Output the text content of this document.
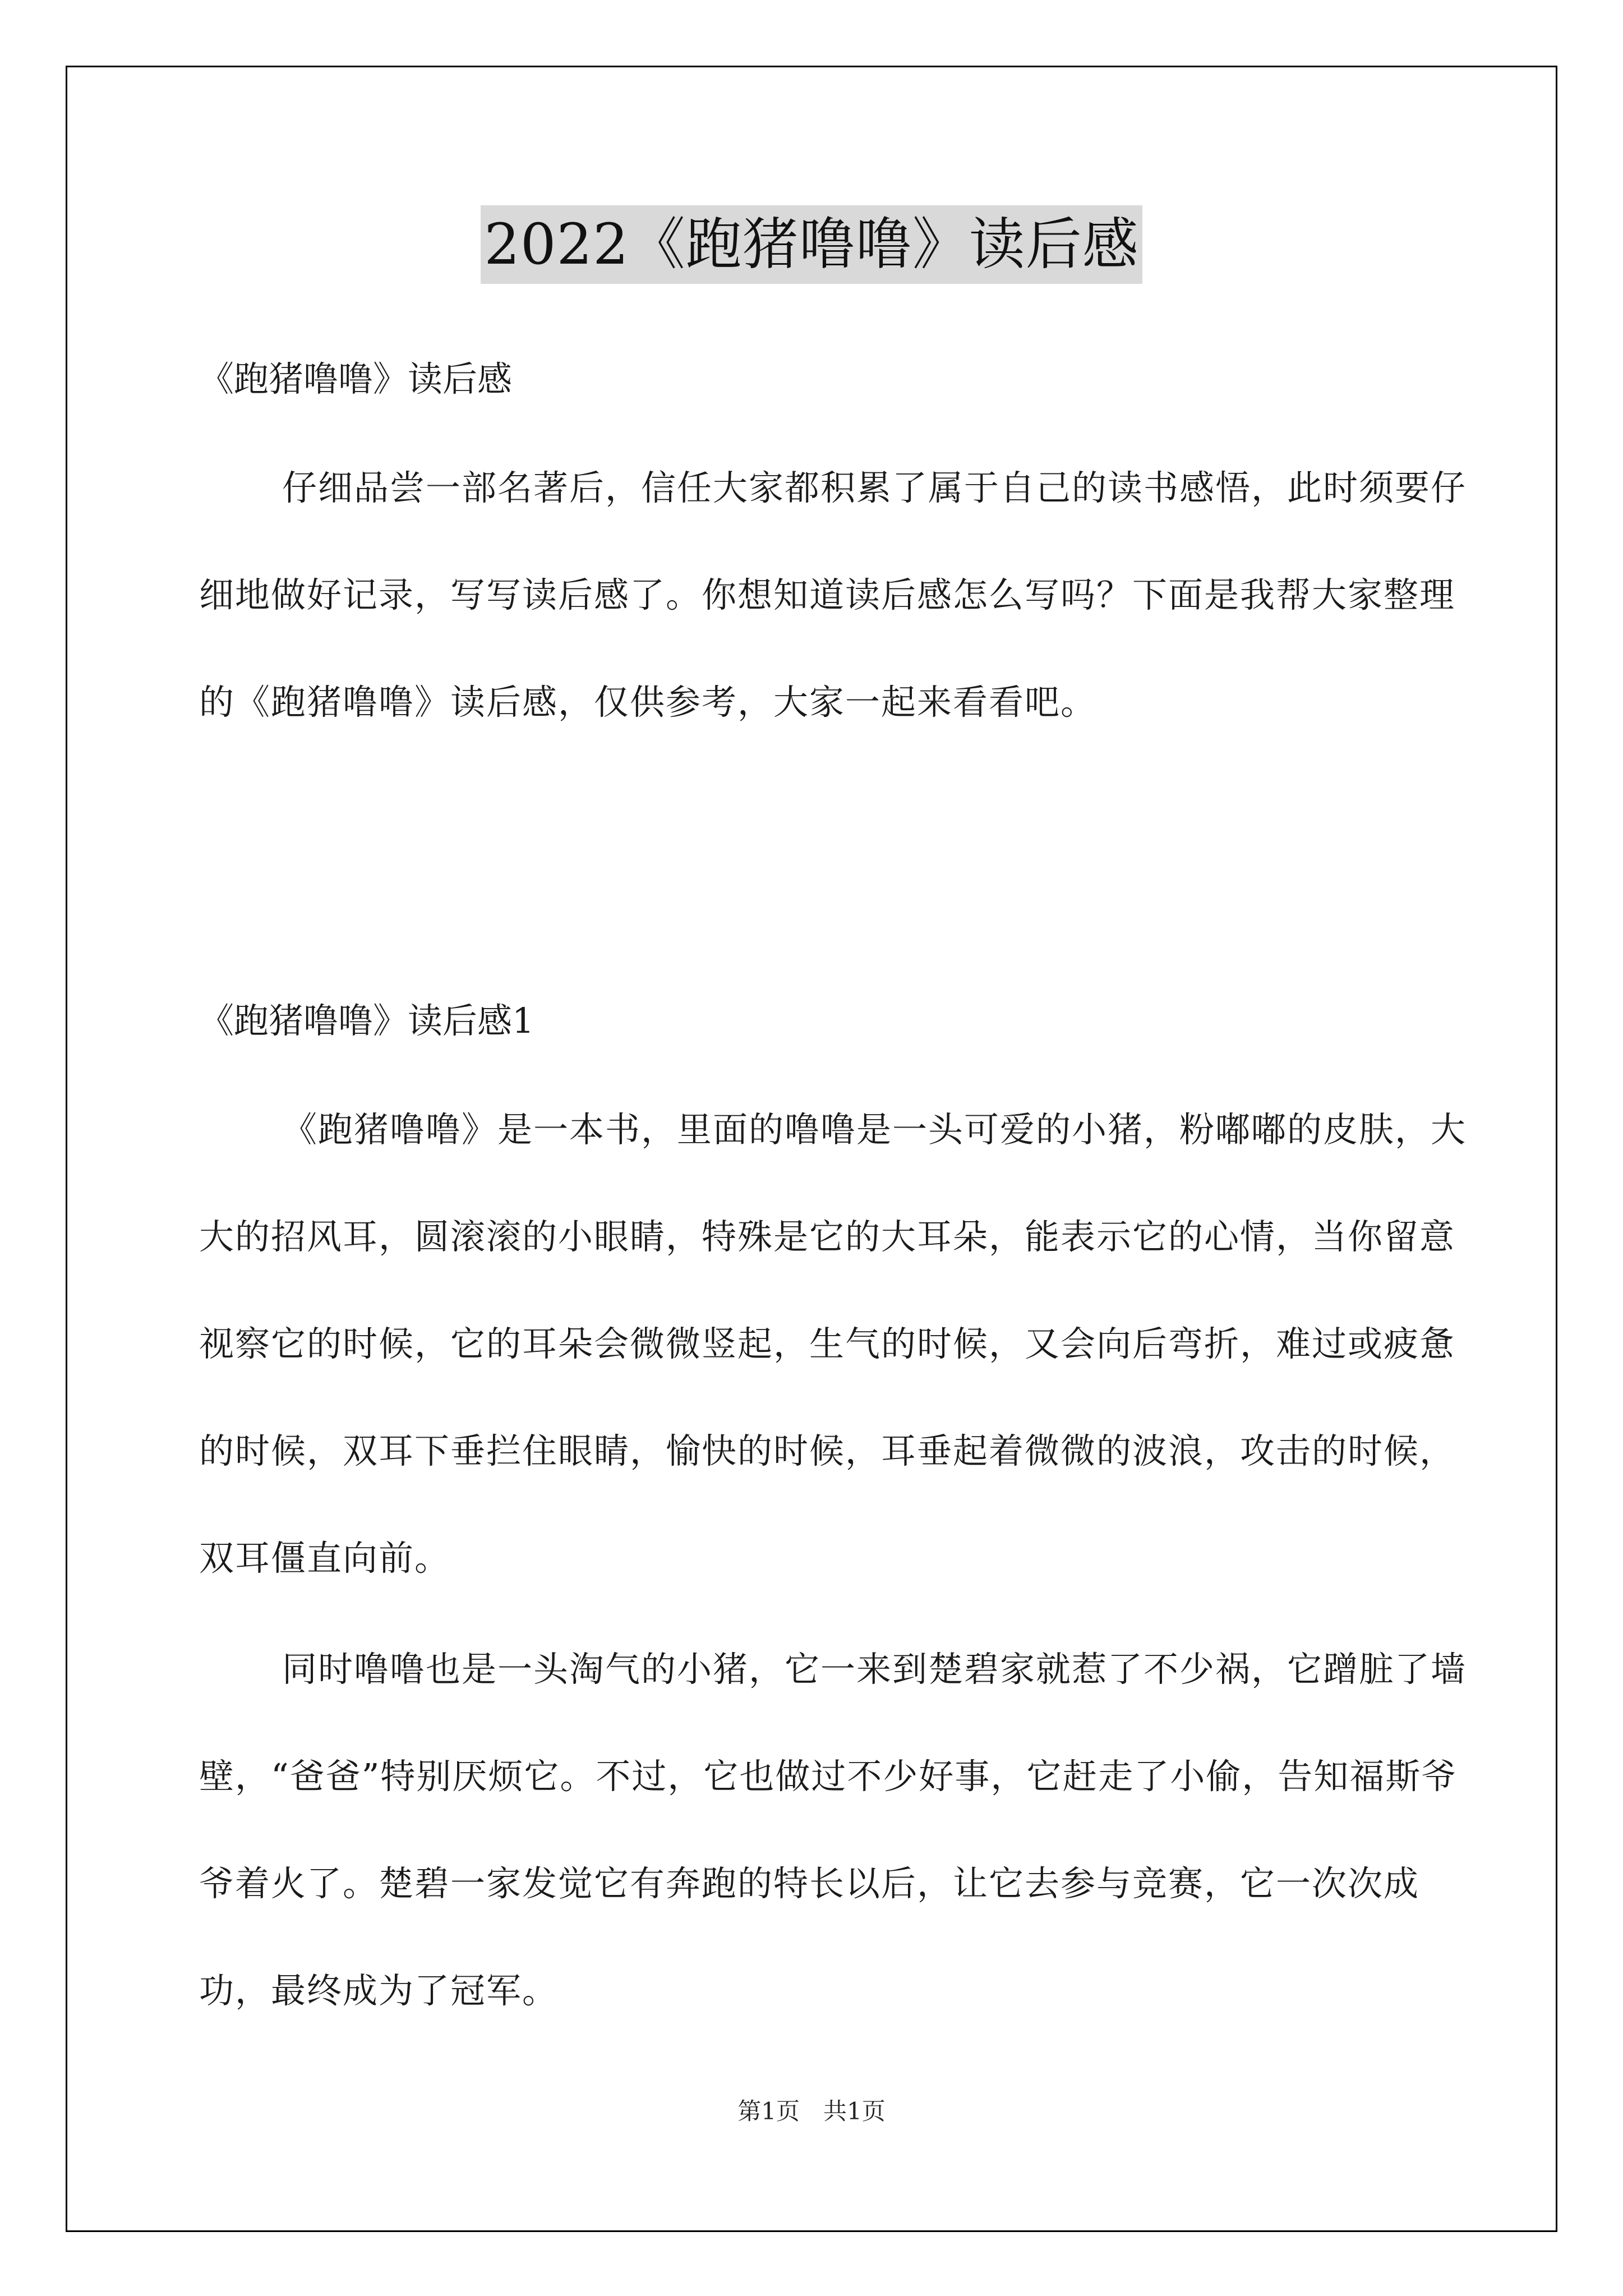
2022《跑猪噜噜》读后感
《跑猪噜噜》读后感
仔细品尝一部名著后，信任大家都积累了属于自己的读书感悟，此时须要仔细地做好记录，写写读后感了。你想知道读后感怎么写吗？下面是我帮大家整理的《跑猪噜噜》读后感，仅供参考，大家一起来看看吧。
《跑猪噜噜》读后感1
《跑猪噜噜》是一本书，里面的噜噜是一头可爱的小猪，粉嘟嘟的皮肤，大大的招风耳，圆滚滚的小眼睛，特殊是它的大耳朵，能表示它的心情，当你留意视察它的时候，它的耳朵会微微竖起，生气的时候，又会向后弯折，难过或疲惫的时候，双耳下垂拦住眼睛，愉快的时候，耳垂起着微微的波浪，攻击的时候，双耳僵直向前。
同时噜噜也是一头淘气的小猪，它一来到楚碧家就惹了不少祸，它蹭脏了墙壁，“爸爸”特别厌烦它。不过，它也做过不少好事，它赶走了小偷，告知福斯爷爷着火了。楚碧一家发觉它有奔跑的特长以后，让它去参与竞赛，它一次次成功，最终成为了冠军。
第1页　共1页
